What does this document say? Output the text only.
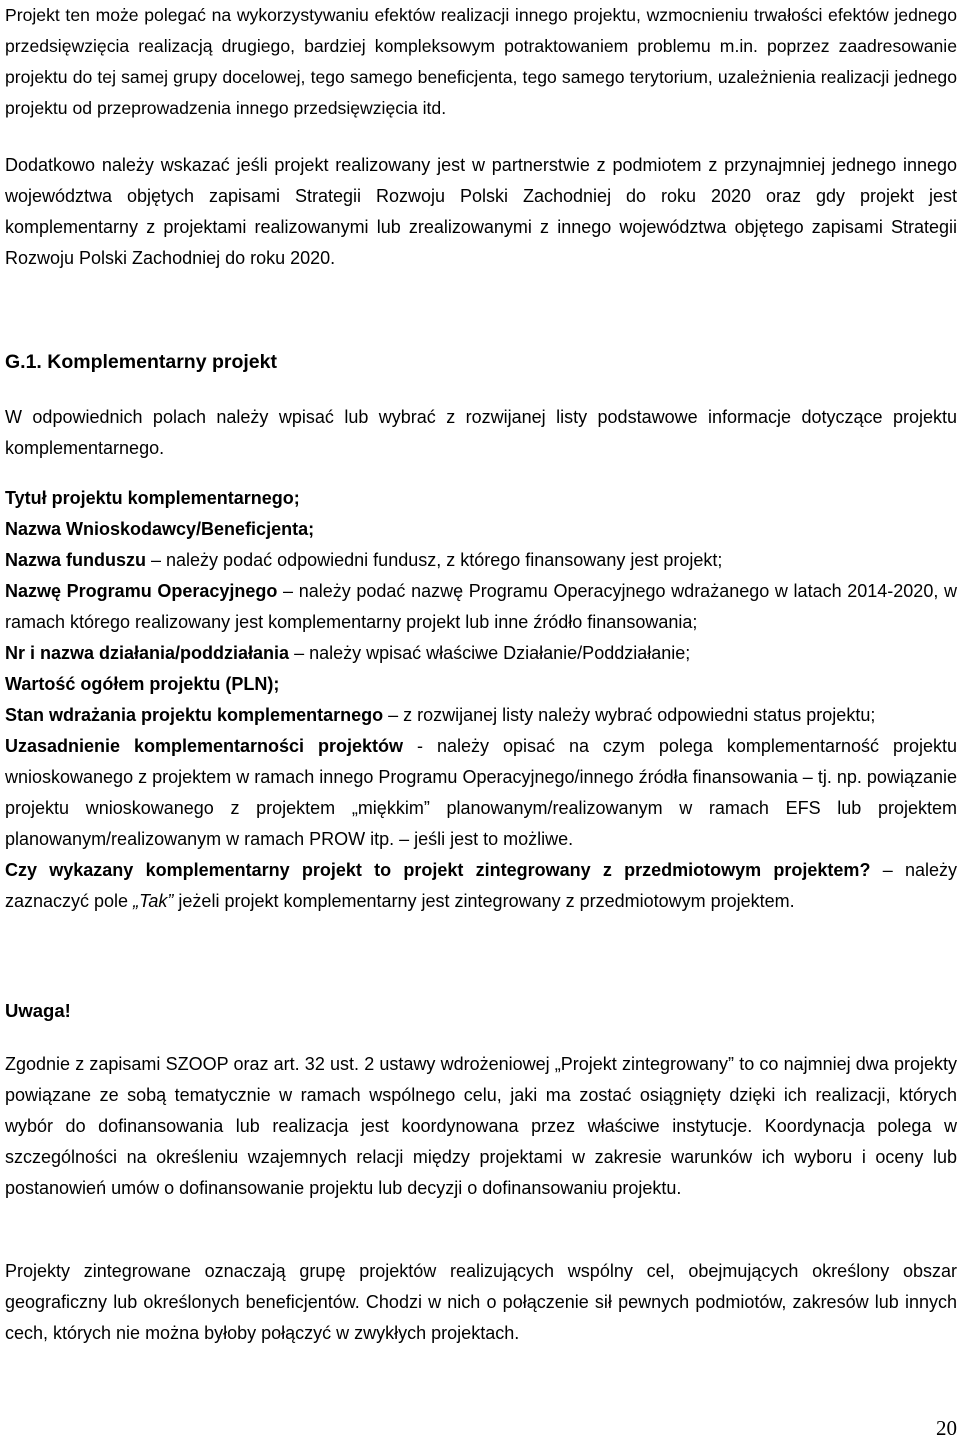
Projekt ten może polegać na wykorzystywaniu efektów realizacji innego projektu, wzmocnieniu trwałości efektów jednego przedsięwzięcia realizacją drugiego, bardziej kompleksowym potraktowaniem problemu m.in. poprzez zaadresowanie projektu do tej samej grupy docelowej, tego samego beneficjenta, tego samego terytorium, uzależnienia realizacji jednego projektu od przeprowadzenia innego przedsięwzięcia itd.

Dodatkowo należy wskazać jeśli projekt realizowany jest w partnerstwie z podmiotem z przynajmniej jednego innego województwa objętych zapisami Strategii Rozwoju Polski Zachodniej do roku 2020 oraz gdy projekt jest komplementarny z projektami realizowanymi lub zrealizowanymi z innego województwa objętego zapisami Strategii Rozwoju Polski Zachodniej do roku 2020.

G.1. Komplementarny projekt

W odpowiednich polach należy wpisać lub wybrać z rozwijanej listy podstawowe informacje dotyczące projektu komplementarnego.

Tytuł projektu komplementarnego;

Nazwa Wnioskodawcy/Beneficjenta;

Nazwa funduszu – należy podać odpowiedni fundusz, z którego finansowany jest projekt;

Nazwę Programu Operacyjnego – należy podać nazwę Programu Operacyjnego wdrażanego w latach 2014-2020, w ramach którego realizowany jest komplementarny projekt lub inne źródło finansowania;

Nr i nazwa działania/poddziałania – należy wpisać właściwe Działanie/Poddziałanie;

Wartość ogółem projektu (PLN);

Stan wdrażania projektu komplementarnego – z rozwijanej listy należy wybrać odpowiedni status projektu;

Uzasadnienie komplementarności projektów - należy opisać na czym polega komplementarność projektu wnioskowanego z projektem w ramach innego Programu Operacyjnego/innego źródła finansowania – tj. np. powiązanie projektu wnioskowanego z projektem „miękkim” planowanym/realizowanym w ramach EFS lub projektem planowanym/realizowanym w ramach PROW itp. – jeśli jest to możliwe.

Czy wykazany komplementarny projekt to projekt zintegrowany z przedmiotowym projektem? – należy zaznaczyć pole „Tak” jeżeli projekt komplementarny jest zintegrowany z przedmiotowym projektem.

Uwaga!

Zgodnie z zapisami SZOOP oraz art. 32 ust. 2 ustawy wdrożeniowej „Projekt zintegrowany” to co najmniej dwa projekty powiązane ze sobą tematycznie w ramach wspólnego celu, jaki ma zostać osiągnięty dzięki ich realizacji, których wybór do dofinansowania lub realizacja jest koordynowana przez właściwe instytucje. Koordynacja polega w szczególności na określeniu wzajemnych relacji między projektami w zakresie warunków ich wyboru i oceny lub postanowień umów o dofinansowanie projektu lub decyzji o dofinansowaniu projektu.

Projekty zintegrowane oznaczają grupę projektów realizujących wspólny cel, obejmujących określony obszar geograficzny lub określonych beneficjentów. Chodzi w nich o połączenie sił pewnych podmiotów, zakresów lub innych cech, których nie można byłoby połączyć w zwykłych projektach.

20
